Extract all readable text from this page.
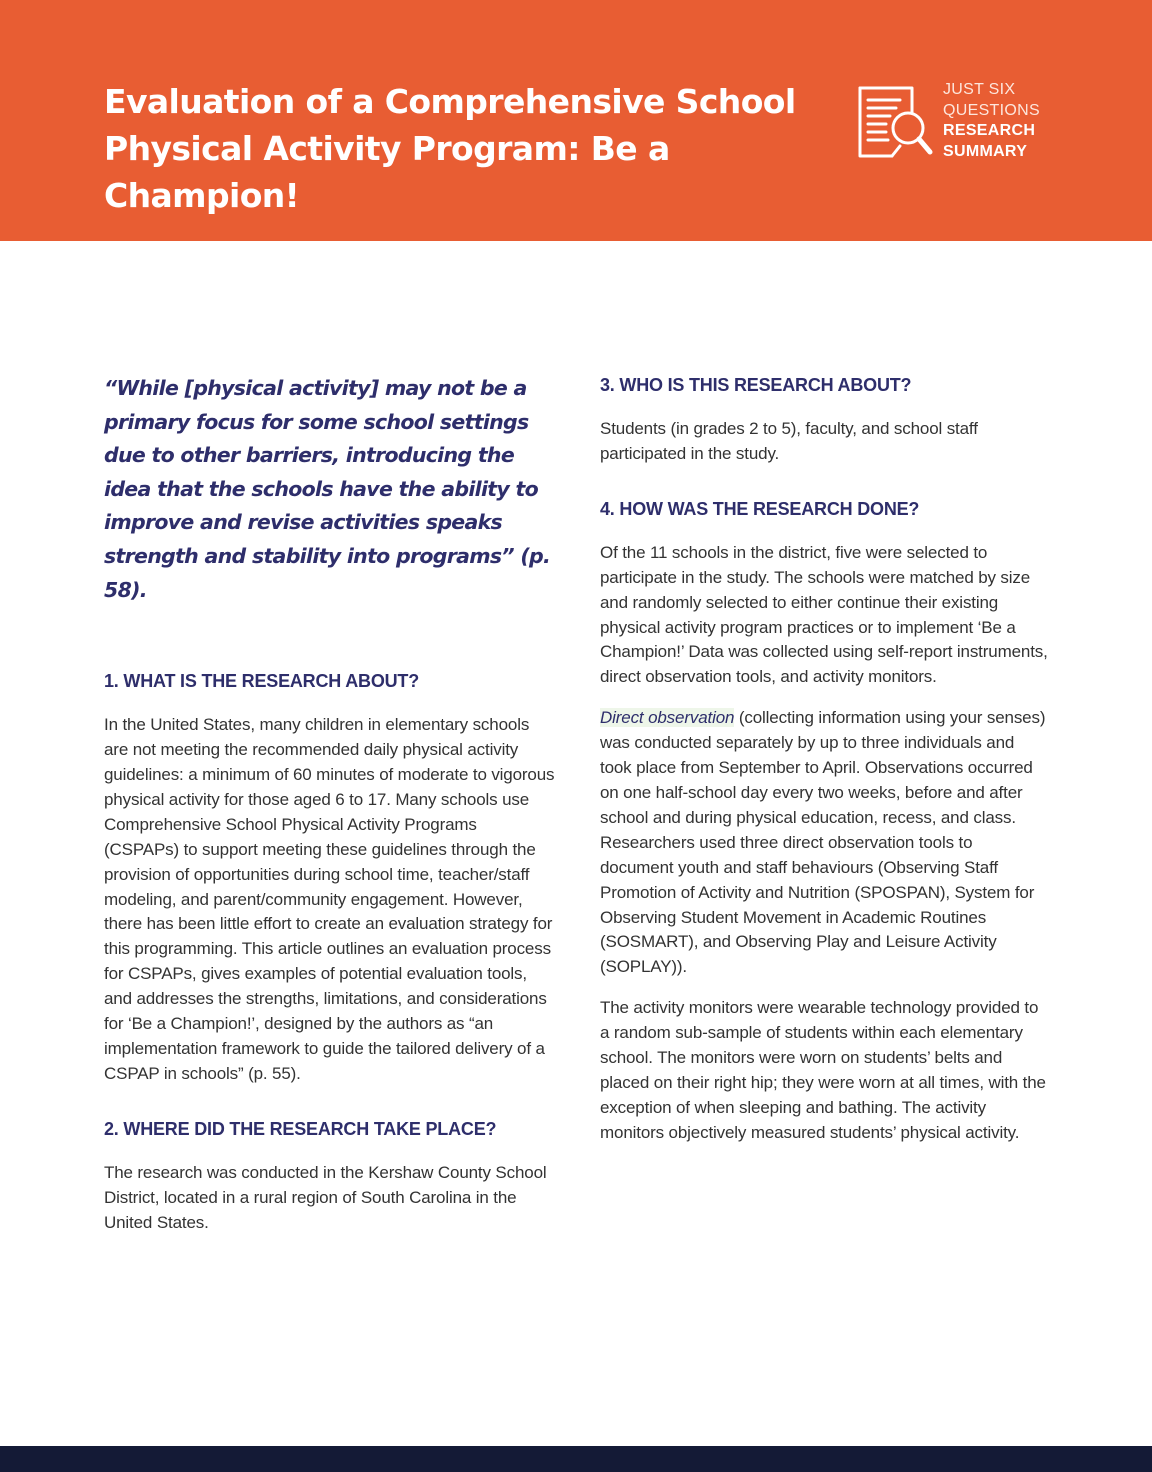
Evaluation of a Comprehensive School
Physical Activity Program: Be a Champion!
JUST SIX
QUESTIONS
RESEARCH
SUMMARY
“While [physical activity] may not be a primary focus for some school settings due to other barriers, introducing the idea that the schools have the ability to improve and revise activities speaks strength and stability into programs” (p. 58).
1. WHAT IS THE RESEARCH ABOUT?

In the United States, many children in elementary schools are not meeting the recommended daily physical activity guidelines: a minimum of 60 minutes of moderate to vigorous physical activity for those aged 6 to 17. Many schools use Comprehensive School Physical Activity Programs (CSPAPs) to support meeting these guidelines through the provision of opportunities during school time, teacher/staff modeling, and parent/community engagement. However, there has been little effort to create an evaluation strategy for this programming. This article outlines an evaluation process for CSPAPs, gives examples of potential evaluation tools, and addresses the strengths, limitations, and considerations for ‘Be a Champion!’, designed by the authors as “an implementation framework to guide the tailored delivery of a CSPAP in schools” (p. 55).

2. WHERE DID THE RESEARCH TAKE PLACE?

The research was conducted in the Kershaw County School District, located in a rural region of South Carolina in the United States.

3. WHO IS THIS RESEARCH ABOUT?

Students (in grades 2 to 5), faculty, and school staff participated in the study.

4. HOW WAS THE RESEARCH DONE?

Of the 11 schools in the district, five were selected to participate in the study. The schools were matched by size and randomly selected to either continue their existing physical activity program practices or to implement ‘Be a Champion!’ Data was collected using self-report instruments, direct observation tools, and activity monitors.

Direct observation (collecting information using your senses) was conducted separately by up to three individuals and took place from September to April. Observations occurred on one half-school day every two weeks, before and after school and during physical education, recess, and class. Researchers used three direct observation tools to document youth and staff behaviours (Observing Staff Promotion of Activity and Nutrition (SPOSPAN), System for Observing Student Movement in Academic Routines (SOSMART), and Observing Play and Leisure Activity (SOPLAY)).

The activity monitors were wearable technology provided to a random sub-sample of students within each elementary school. The monitors were worn on students’ belts and placed on their right hip; they were worn at all times, with the exception of when sleeping and bathing. The activity monitors objectively measured students’ physical activity.
